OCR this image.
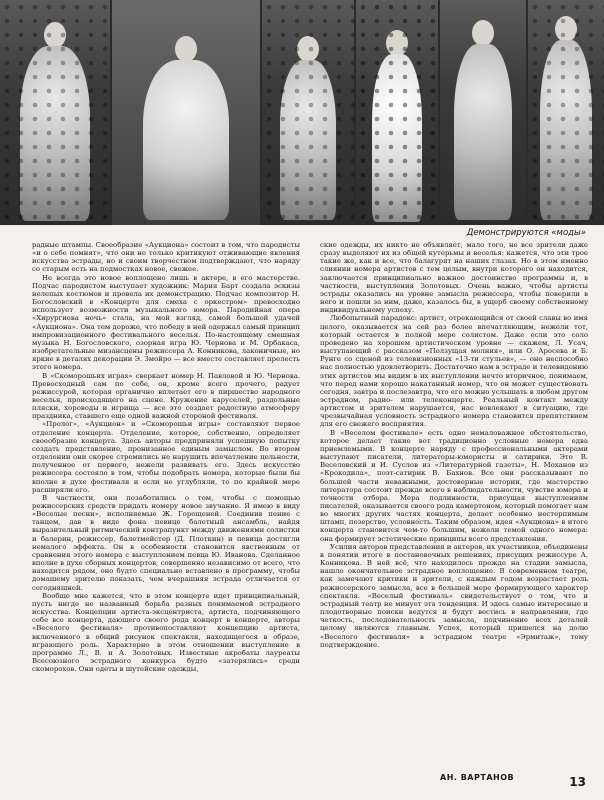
Демонстрируются «моды»

радные штампы. Своеобразие «Аукциона» состоит в том, что пародисты «и о себе помнят», что они не только критикуют отживающие явления искусства эстрады, но и своим творчеством подтверждают, что наряду со старым есть на подмостках новое, свежее.

Не всегда это новое воплощено лишь в актере, в его мастерстве. Подчас пародистом выступает художник: Мария Барт создала эскизы нелепых костюмов и провела их демонстрацию. Подчас композитор Н. Богословский в «Концерте для смеха с оркестром» превосходно использует возможности музыкального юмора. Пародийная опера «Хирургиева ночь» стала, на мой взгляд, самой большой удачей «Аукциона». Она тем дороже, что победу в ней одержал самый принцип импровизационного фестивального веселья. По-настоящему смешная музыка Н. Богословского, озорная игра Ю. Чернова и М. Орбакаса, изобретательные мизансцены режиссера А. Конникова, лаконичные, но яркие в деталях декорации Э. Змойро — все вместе составляет прелесть этого номера.

В «Скоморошьих играх» сверкает номер Н. Павловой и Ю. Чернова. Превосходный сам по себе, он, кроме всего прочего, радует режиссурой, которая органично вплетает его в пиршество народного веселья, происходящего на сцене. Кружение каруселей, раздольные пляски, хороводы и игрища — все это создает радостную атмосферу праздника, ставшего еще одной важной стороной фестиваля.

«Пролог», «Аукцион» и «Скоморошьи игры» составляют первое отделение концерта. Отделение, которое, собственно, определяет своеобразие концерта. Здесь авторы предприняли успешную попытку создать представление, пронизанное единым замыслом. Во втором отделении они скорее стремились не нарушить впечатление цельности, полученное от первого, нежели развивать его. Здесь искусство режиссера состояло в том, чтобы подобрать номера, которые были бы вполне в духе фестиваля и если не углубляли, то по крайней мере расширяли его.

В частности, они позаботились о том, чтобы с помощью режиссерских средств придать номеру новое звучание. Я имею в виду «Веселые песни», исполняемые Ж. Горощеней. Соединив пение с танцем, дав в виде фона певице балетный ансамбль, найдя выразительный ритмический контрапункт между движениями солистки и балерин, режиссер, балетмейстер (Д. Плоткин) и певица достигли немалого эффекта. Он в особенности становится явственным от сравнения этого номера с выступлением певца Ю. Иванова. Сделанное вполне в духе сборных концертов, совершенно независимо от всего, что находится рядом, оно будто специально вставлено в программу, чтобы домашему зрителю показать, чем вчерашняя эстрада отличается от сегодняшней.

Вообще мне кажется, что в этом концерте идет принципиальный, пусть нигде не названный борьба разных понимаемой эстрадного искусства. Концепции артиста-эксцентриста, артиста, подчиняющего себе все концерта, дающего своего рода концерт в концерте, авторы «Веселого фестиваля» противопоставляют концепцию артиста, включенного в общий рисунок спектакля, находящегося в образе, играющего роль. Характерно в этом отношении выступление в программе Л., В. и А. Золотовых. Известные акробаты лауреаты Всесоюзного эстрадного конкурса будто «затерялись» среди скоморохов. Они одеты в шутейские одежды,

ские одежды, их никто не объявляет, мало того, не все зрители даже сразу выделяют их из общей кутерьмы и веселья: кажется, что эти трое такие же, как и все, что балагурят на наших глазах. Но в этом именно слиянии номера артистов с тем целым, внутри которого он находится, заключается принципиально важное достоинство программы и, в частности, выступления Золотовых. Очень важно, чтобы артисты эстрады оказались на уровне замысла режиссера, чтобы поверили в него и пошли за ним, даже, казалось бы, в ущерб своему собственному индивидуальному успеху.

Любопытный парадокс: артист, отрекающийся от своей славы во имя целого, оказывается на сей раз более впечатляющим, нежели тот, который остается в полной мере солистом. Даже если это соло проведено на хорошем артистическом уровне — скажем, Л. Усач, выступающий с рассказом «Ползущая молния», или О. Аросева и Б. Рунге со сценой из телевизионных «13-ти стульев», — оно неспособно нас полностью удовлетворить. Достаточно нам в эстраде и телевидению этих артистов мы видим в их выступлении нечто вторичное, понимаем, что перед нами хорошо накатанный номер, что он может существовать сегодня, завтра и послезавтра, что его можно услышать в любом другом эстрадном, радио- или телеконцерте. Реальный контакт между артистом и зрителем нарушается, нас вовлекают в ситуацию, где чрезвычайная условность эстрадного номера становится препятствием для его свежего восприятия.

В «Веселом фестивале» есть одно немаловажное обстоятельство, которое делает такие вот традиционно условные номера едва приемлемыми. В концерте наряду с профессиональными актерами выступают писатели, литераторы-юмористы и сатирики. Это В. Веселовский и И. Суслов из «Литературной газеты», Н. Моханов из «Крокодила», поэт-сатирик В. Бахнов. Все они рассказывают по большей части неважными, достоверные истории, где мастерство литератора состоит прежде всего в наблюдательности, чувстве юмора и точности отбора. Мера подлинности, присущая выступлениям писателей, оказывается своего рода камертоном, который помогает нам во многих других частях концерта, делает особенно нестерпимым штамп, позерство, условность. Таким образом, идея «Аукциона» в итоге концерта становится чем-то большим, нежели темой одного номера: она формирует эстетические принципы всего представления.

Усилия авторов представления и актеров, их участников, объединены в понятии итоге в постановочных решениях, присущих режиссуре А. Конникова. В ней всё, что находилось прежде на стадии замысла, нашло окончательное эстрадное воплощение. В современном театре, как замечают критики и зрители, с каждым годом возрастает роль режиссерского замысла, все в большей мере формирующего характер спектакля. «Веселый фестиваль» свидетельствует о том, что и эстрадный театр не минует эта тенденция. И здесь самые интересные и плодотворные поиски ведутся и будут вестись в направлении, где четкость, последовательность замысла, подчинение всех деталей целому являются главным. Успех, который пришелся на долю «Веселого фестиваля» в эстрадном театре «Эрмитаж», тому подтверждение.

АН. ВАРТАНОВ	13
